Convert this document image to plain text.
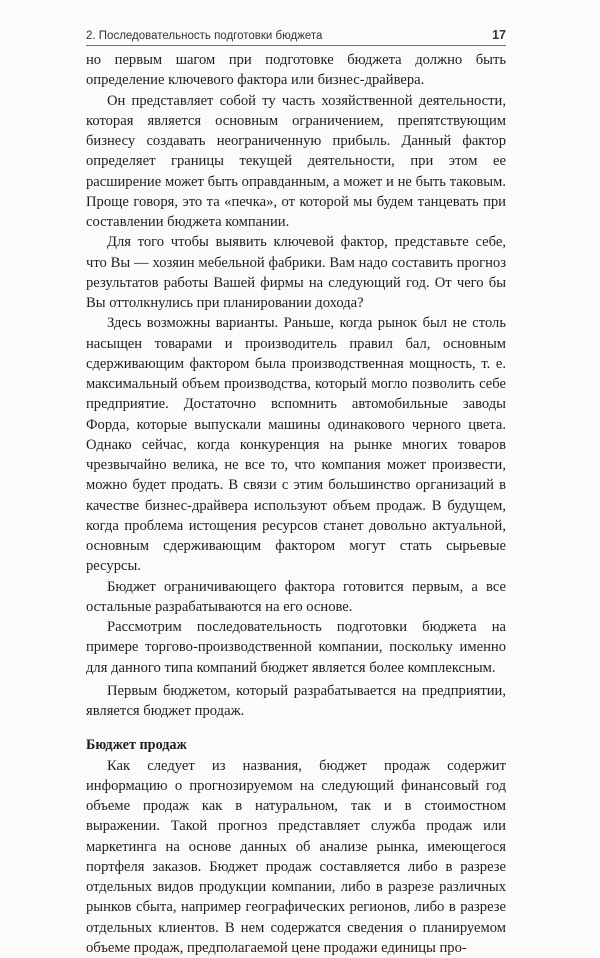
2. Последовательность подготовки бюджета	17

но первым шагом при подготовке бюджета должно быть определение ключевого фактора или бизнес-драйвера.

Он представляет собой ту часть хозяйственной деятельности, которая является основным ограничением, препятствующим бизнесу создавать неограниченную прибыль. Данный фактор определяет границы текущей деятельности, при этом ее расширение может быть оправданным, а может и не быть таковым. Проще говоря, это та «печка», от которой мы будем танцевать при составлении бюджета компании.

Для того чтобы выявить ключевой фактор, представьте себе, что Вы — хозяин мебельной фабрики. Вам надо составить прогноз результатов работы Вашей фирмы на следующий год. От чего бы Вы оттолкнулись при планировании дохода?

Здесь возможны варианты. Раньше, когда рынок был не столь насыщен товарами и производитель правил бал, основным сдерживающим фактором была производственная мощность, т. е. максимальный объем производства, который могло позволить себе предприятие. Достаточно вспомнить автомобильные заводы Форда, которые выпускали машины одинакового черного цвета. Однако сейчас, когда конкуренция на рынке многих товаров чрезвычайно велика, не все то, что компания может произвести, можно будет продать. В связи с этим большинство организаций в качестве бизнес-драйвера используют объем продаж. В будущем, когда проблема истощения ресурсов станет довольно актуальной, основным сдерживающим фактором могут стать сырьевые ресурсы.

Бюджет ограничивающего фактора готовится первым, а все остальные разрабатываются на его основе.

Рассмотрим последовательность подготовки бюджета на примере торгово-производственной компании, поскольку именно для данного типа компаний бюджет является более комплексным.

Первым бюджетом, который разрабатывается на предприятии, является бюджет продаж.

Бюджет продаж

Как следует из названия, бюджет продаж содержит информацию о прогнозируемом на следующий финансовый год объеме продаж как в натуральном, так и в стоимостном выражении. Такой прогноз представляет служба продаж или маркетинга на основе данных об анализе рынка, имеющегося портфеля заказов. Бюджет продаж составляется либо в разрезе отдельных видов продукции компании, либо в разрезе различных рынков сбыта, например географических регионов, либо в разрезе отдельных клиентов. В нем содержатся сведения о планируемом объеме продаж, предполагаемой цене продажи единицы про-
